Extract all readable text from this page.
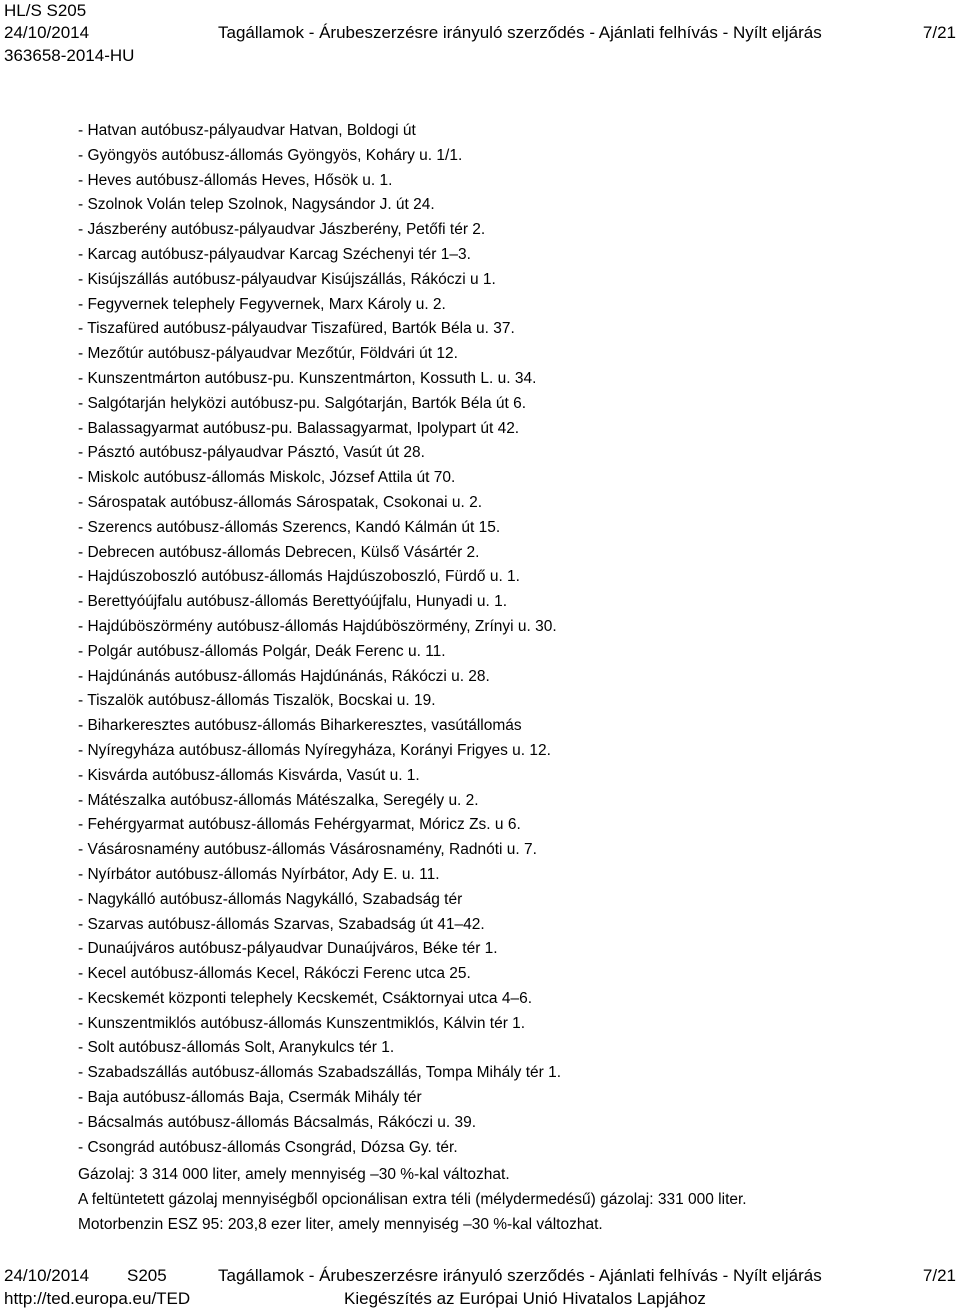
HL/S S205
24/10/2014	Tagállamok - Árubeszerzésre irányuló szerződés - Ajánlati felhívás - Nyílt eljárás	7/21
363658-2014-HU
- Hatvan autóbusz-pályaudvar Hatvan, Boldogi út
- Gyöngyös autóbusz-állomás Gyöngyös, Koháry u. 1/1.
- Heves autóbusz-állomás Heves, Hősök u. 1.
- Szolnok Volán telep Szolnok, Nagysándor J. út 24.
- Jászberény autóbusz-pályaudvar Jászberény, Petőfi tér 2.
- Karcag autóbusz-pályaudvar Karcag Széchenyi tér 1–3.
- Kisújszállás autóbusz-pályaudvar Kisújszállás, Rákóczi u 1.
- Fegyvernek telephely Fegyvernek, Marx Károly u. 2.
- Tiszafüred autóbusz-pályaudvar Tiszafüred, Bartók Béla u. 37.
- Mezőtúr autóbusz-pályaudvar Mezőtúr, Földvári út 12.
- Kunszentmárton autóbusz-pu. Kunszentmárton, Kossuth L. u. 34.
- Salgótarján helyközi autóbusz-pu. Salgótarján, Bartók Béla út 6.
- Balassagyarmat autóbusz-pu. Balassagyarmat, Ipolypart út 42.
- Pásztó autóbusz-pályaudvar Pásztó, Vasút út 28.
- Miskolc autóbusz-állomás Miskolc, József Attila út 70.
- Sárospatak autóbusz-állomás Sárospatak, Csokonai u. 2.
- Szerencs autóbusz-állomás Szerencs, Kandó Kálmán út 15.
- Debrecen autóbusz-állomás Debrecen, Külső Vásártér 2.
- Hajdúszoboszló autóbusz-állomás Hajdúszoboszló, Fürdő u. 1.
- Berettyóújfalu autóbusz-állomás Berettyóújfalu, Hunyadi u. 1.
- Hajdúböszörmény autóbusz-állomás Hajdúböszörmény, Zrínyi u. 30.
- Polgár autóbusz-állomás Polgár, Deák Ferenc u. 11.
- Hajdúnánás autóbusz-állomás Hajdúnánás, Rákóczi u. 28.
- Tiszalök autóbusz-állomás Tiszalök, Bocskai u. 19.
- Biharkeresztes autóbusz-állomás Biharkeresztes, vasútállomás
- Nyíregyháza autóbusz-állomás Nyíregyháza, Korányi Frigyes u. 12.
- Kisvárda autóbusz-állomás Kisvárda, Vasút u. 1.
- Mátészalka autóbusz-állomás Mátészalka, Seregély u. 2.
- Fehérgyarmat autóbusz-állomás Fehérgyarmat, Móricz Zs. u 6.
- Vásárosnamény autóbusz-állomás Vásárosnamény, Radnóti u. 7.
- Nyírbátor autóbusz-állomás Nyírbátor, Ady E. u. 11.
- Nagykálló autóbusz-állomás Nagykálló, Szabadság tér
- Szarvas autóbusz-állomás Szarvas, Szabadság út 41–42.
- Dunaújváros autóbusz-pályaudvar Dunaújváros, Béke tér 1.
- Kecel autóbusz-állomás Kecel, Rákóczi Ferenc utca 25.
- Kecskemét központi telephely Kecskemét, Csáktornyai utca 4–6.
- Kunszentmiklós autóbusz-állomás Kunszentmiklós, Kálvin tér 1.
- Solt autóbusz-állomás Solt, Aranykulcs tér 1.
- Szabadszállás autóbusz-állomás Szabadszállás, Tompa Mihály tér 1.
- Baja autóbusz-állomás Baja, Csermák Mihály tér
- Bácsalmás autóbusz-állomás Bácsalmás, Rákóczi u. 39.
- Csongrád autóbusz-állomás Csongrád, Dózsa Gy. tér.
Gázolaj: 3 314 000 liter, amely mennyiség –30 %-kal változhat.
A feltüntetett gázolaj mennyiségből opcionálisan extra téli (mélydermedésű) gázolaj: 331 000 liter.
Motorbenzin ESZ 95: 203,8 ezer liter, amely mennyiség –30 %-kal változhat.
24/10/2014 S205	Tagállamok - Árubeszerzésre irányuló szerződés - Ajánlati felhívás - Nyílt eljárás	7/21
http://ted.europa.eu/TED	Kiegészítés az Európai Unió Hivatalos Lapjához
